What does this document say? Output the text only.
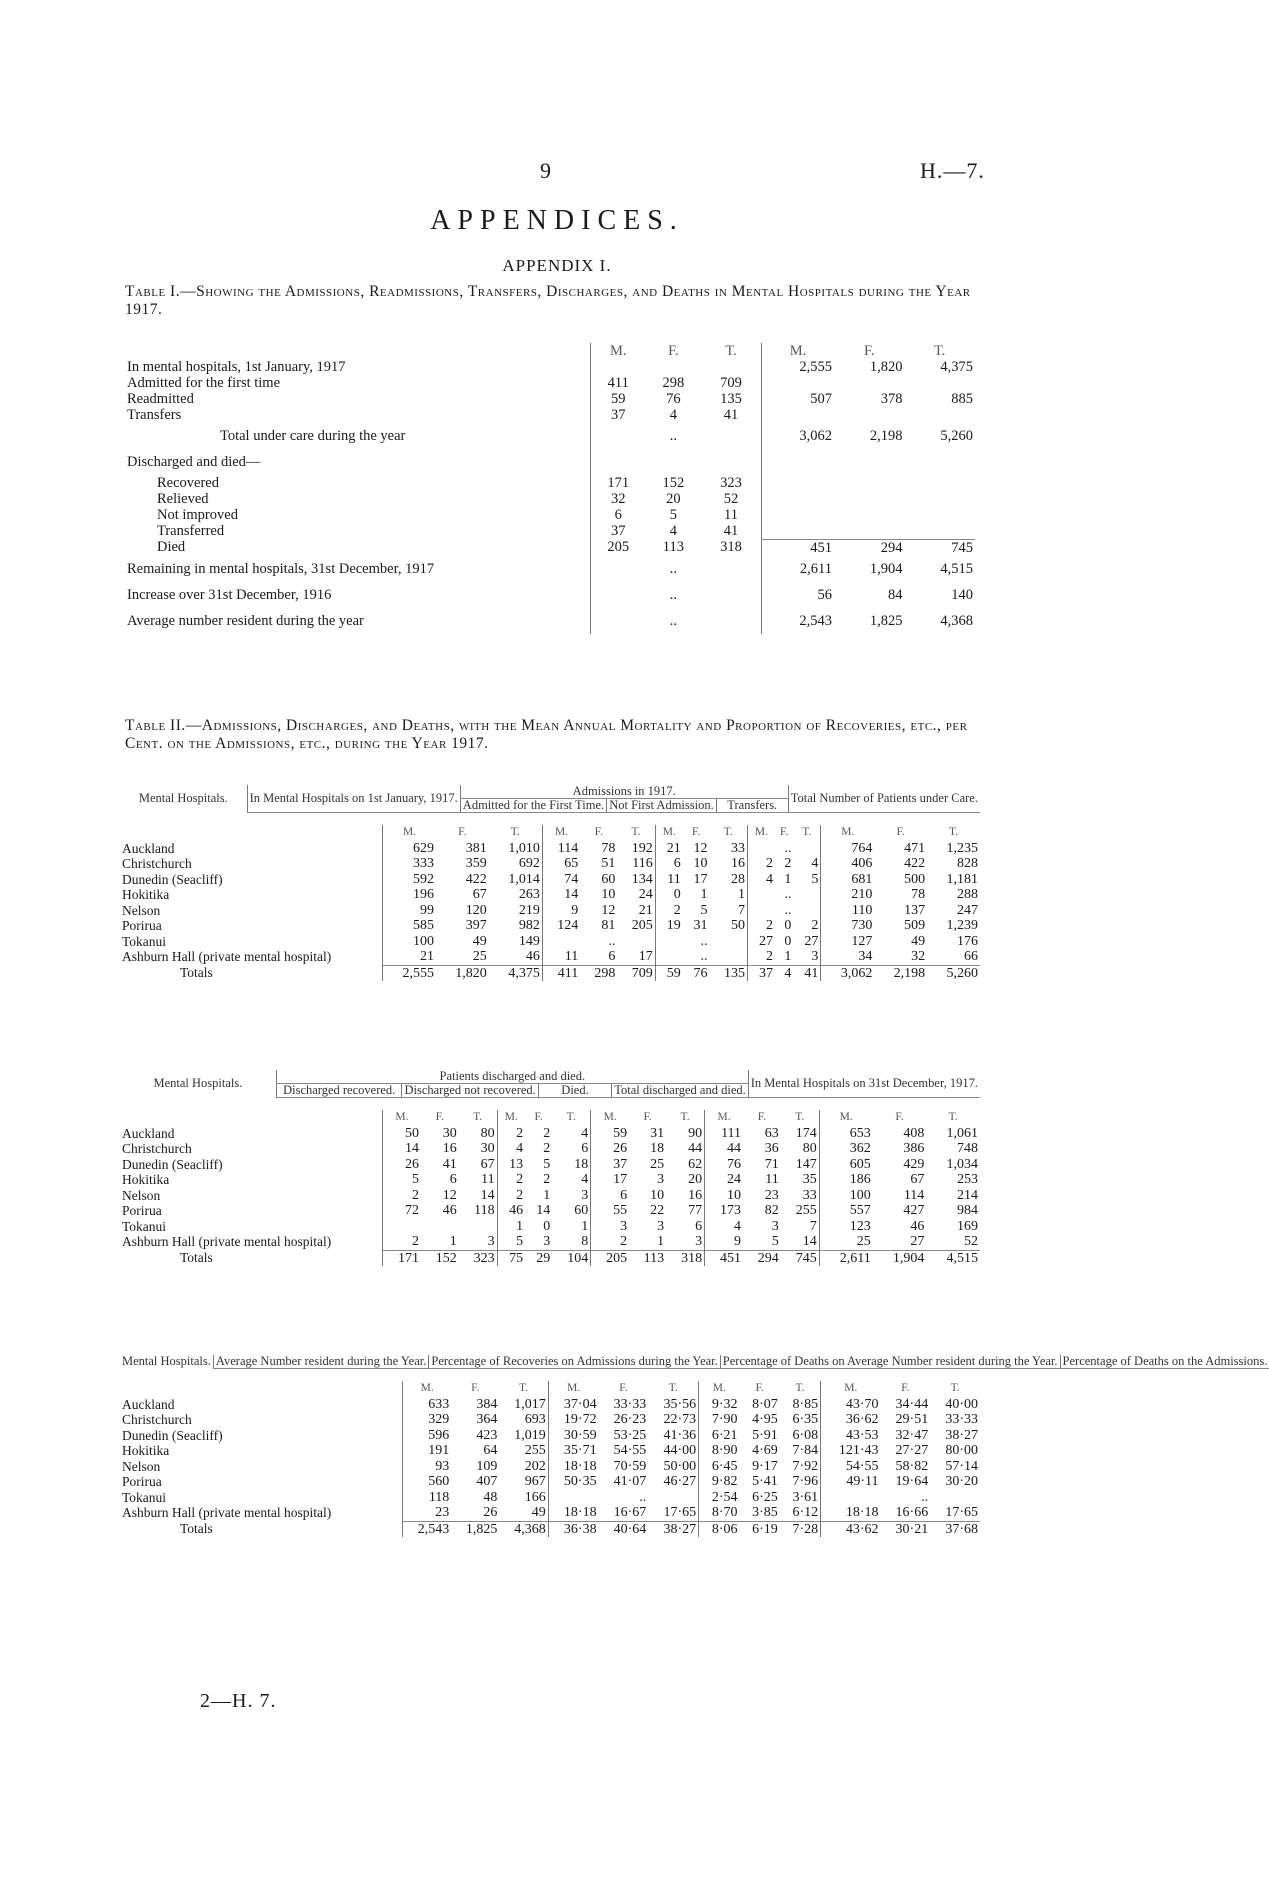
9	H.—7.
APPENDICES.
APPENDIX I.
Table I.—Showing the Admissions, Readmissions, Transfers, Discharges, and Deaths in Mental Hospitals during the Year 1917.
	M.	F.	T.	M.	F.	T.
In mental hospitals, 1st January, 1917				2,555	1,820	4,375
Admitted for the first time	411	298	709			
Readmitted	59	76	135	507	378	885
Transfers	37	4	41			
Total under care during the year		..		3,062	2,198	5,260
Discharged and died—						
Recovered	171	152	323			
Relieved	32	20	52			
Not improved	6	5	11			
Transferred	37	4	41			
Died	205	113	318	451	294	745
Remaining in mental hospitals, 31st December, 1917		..		2,611	1,904	4,515
Increase over 31st December, 1916		..		56	84	140
Average number resident during the year		..		2,543	1,825	4,368
Table II.—Admissions, Discharges, and Deaths, with the Mean Annual Mortality and Proportion of Recoveries, etc., per Cent. on the Admissions, etc., during the Year 1917.
Mental Hospitals.	In Mental Hospitals on 1st January, 1917.	Admissions in 1917.			Total Number of Patients under Care.
		Admitted for the First Time.	Not First Admission.	Transfers.	
	M.	F.	T.	M.	F.	T.	M.	F.	T.	M.	F.	T.	M.	F.	T.
Auckland	629	381	1,010	114	78	192	21	12	33		..		764	471	1,235
Christchurch	333	359	692	65	51	116	6	10	16	2	2	4	406	422	828
Dunedin (Seacliff)	592	422	1,014	74	60	134	11	17	28	4	1	5	681	500	1,181
Hokitika	196	67	263	14	10	24	0	1	1		..		210	78	288
Nelson	99	120	219	9	12	21	2	5	7		..		110	137	247
Porirua	585	397	982	124	81	205	19	31	50	2	0	2	730	509	1,239
Tokanui	100	49	149		..			..		27	0	27	127	49	176
Ashburn Hall (private mental hospital)	21	25	46	11	6	17		..		2	1	3	34	32	66
Totals	2,555	1,820	4,375	411	298	709	59	76	135	37	4	41	3,062	2,198	5,260
Mental Hospitals.	Patients discharged and died.				In Mental Hospitals on 31st December, 1917.
	Discharged recovered.	Discharged not recovered.	Died.	Total discharged and died.	
	M.	F.	T.	M.	F.	T.	M.	F.	T.	M.	F.	T.	M.	F.	T.
Auckland	50	30	80	2	2	4	59	31	90	111	63	174	653	408	1,061
Christchurch	14	16	30	4	2	6	26	18	44	44	36	80	362	386	748
Dunedin (Seacliff)	26	41	67	13	5	18	37	25	62	76	71	147	605	429	1,034
Hokitika	5	6	11	2	2	4	17	3	20	24	11	35	186	67	253
Nelson	2	12	14	2	1	3	6	10	16	10	23	33	100	114	214
Porirua	72	46	118	46	14	60	55	22	77	173	82	255	557	427	984
Tokanui				1	0	1	3	3	6	4	3	7	123	46	169
Ashburn Hall (private mental hospital)	2	1	3	5	3	8	2	1	3	9	5	14	25	27	52
Totals	171	152	323	75	29	104	205	113	318	451	294	745	2,611	1,904	4,515
Mental Hospitals.	Average Number resident during the Year.	Percentage of Recoveries on Admissions during the Year.	Percentage of Deaths on Average Number resident during the Year.	Percentage of Deaths on the Admissions.
	M.	F.	T.	M.	F.	T.	M.	F.	T.	M.	F.	T.
Auckland	633	384	1,017	37·04	33·33	35·56	9·32	8·07	8·85	43·70	34·44	40·00
Christchurch	329	364	693	19·72	26·23	22·73	7·90	4·95	6·35	36·62	29·51	33·33
Dunedin (Seacliff)	596	423	1,019	30·59	53·25	41·36	6·21	5·91	6·08	43·53	32·47	38·27
Hokitika	191	64	255	35·71	54·55	44·00	8·90	4·69	7·84	121·43	27·27	80·00
Nelson	93	109	202	18·18	70·59	50·00	6·45	9·17	7·92	54·55	58·82	57·14
Porirua	560	407	967	50·35	41·07	46·27	9·82	5·41	7·96	49·11	19·64	30·20
Tokanui	118	48	166		..		2·54	6·25	3·61		..	
Ashburn Hall (private mental hospital)	23	26	49	18·18	16·67	17·65	8·70	3·85	6·12	18·18	16·66	17·65
Totals	2,543	1,825	4,368	36·38	40·64	38·27	8·06	6·19	7·28	43·62	30·21	37·68
2—H. 7.
